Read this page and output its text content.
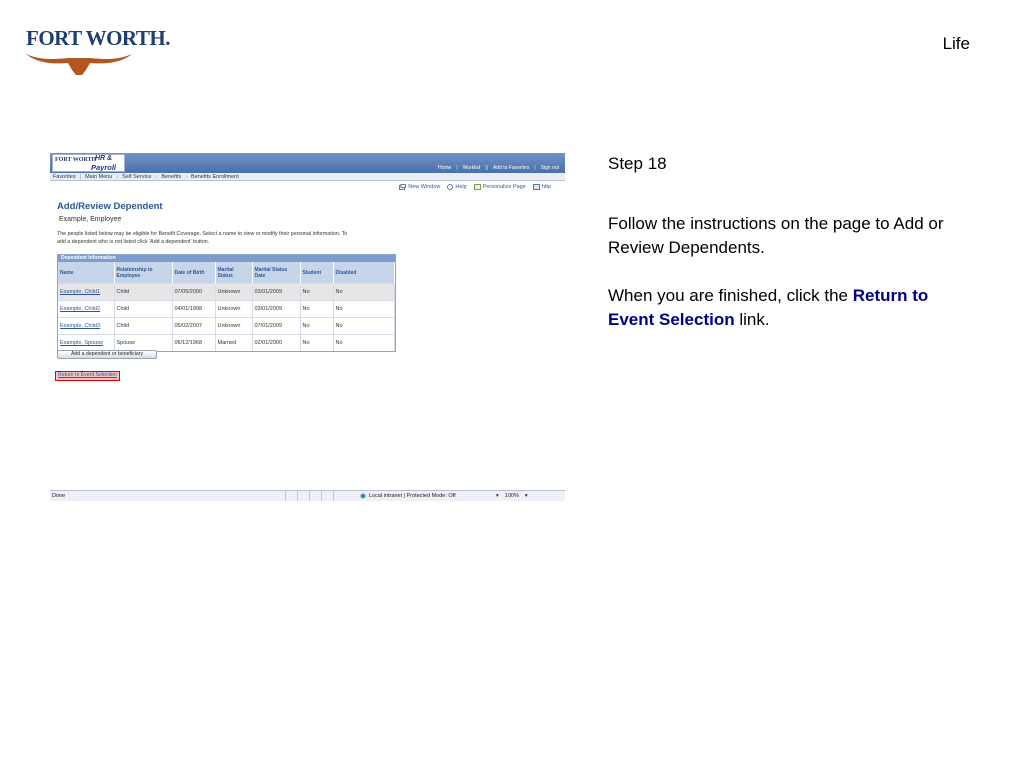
FORT WORTH.	Life
FORT WORTH
HR &
Payroll	Home | Worklist || Add to Favorites | Sign out
Favorites | Main Menu › Self Service › Benefits › Benefits Enrollment
New Window	Help	Personalize Page	http
Add/Review Dependent
Example, Employee
The people listed below may be eligible for Benefit Coverage. Select a name to view or modify their personal information. To add a dependent who is not listed click 'Add a dependent' button.
Dependent Information
Name	Relationship to Employee	Date of Birth	Marital Status	Marital Status Date	Student	Disabled
Example, Child1	Child	07/05/2000	Unknown	03/01/2009	No	No
Example, Child2	Child	04/01/1998	Unknown	03/01/2009	No	No
Example, Child3	Child	05/02/2007	Unknown	07/01/2009	No	No
Example, Spouse	Spouse	06/12/1968	Married	02/01/2000	No	No
Add a dependent or beneficiary
Return to Event Selection
Done	Local intranet | Protected Mode: Off	▾ 100% ▾
Step 18

Follow the instructions on the page to Add or Review Dependents.

When you are finished, click the Return to Event Selection link.
